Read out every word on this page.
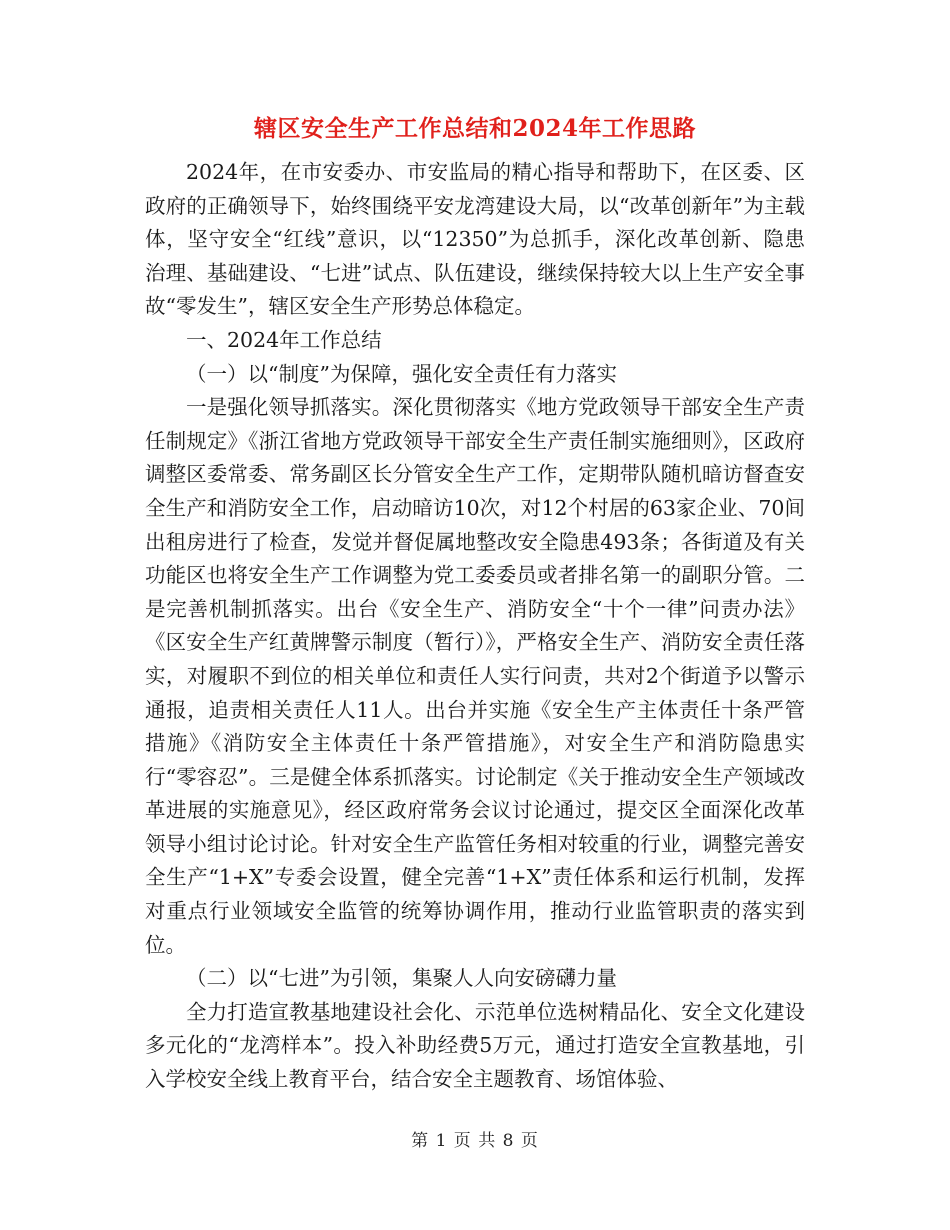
辖区安全生产工作总结和2024年工作思路

2024年，在市安委办、市安监局的精心指导和帮助下，在区委、区政府的正确领导下，始终围绕平安龙湾建设大局，以“改革创新年”为主载体，坚守安全“红线”意识，以“12350”为总抓手，深化改革创新、隐患治理、基础建设、“七进”试点、队伍建设，继续保持较大以上生产安全事故“零发生”，辖区安全生产形势总体稳定。

一、2024年工作总结

（一）以“制度”为保障，强化安全责任有力落实

一是强化领导抓落实。深化贯彻落实《地方党政领导干部安全生产责任制规定》《浙江省地方党政领导干部安全生产责任制实施细则》，区政府调整区委常委、常务副区长分管安全生产工作，定期带队随机暗访督查安全生产和消防安全工作，启动暗访10次，对12个村居的63家企业、70间出租房进行了检查，发觉并督促属地整改安全隐患493条；各街道及有关功能区也将安全生产工作调整为党工委委员或者排名第一的副职分管。二是完善机制抓落实。出台《安全生产、消防安全“十个一律”问责办法》《区安全生产红黄牌警示制度（暂行）》，严格安全生产、消防安全责任落实，对履职不到位的相关单位和责任人实行问责，共对2个街道予以警示通报，追责相关责任人11人。出台并实施《安全生产主体责任十条严管措施》《消防安全主体责任十条严管措施》，对安全生产和消防隐患实行“零容忍”。三是健全体系抓落实。讨论制定《关于推动安全生产领域改革进展的实施意见》，经区政府常务会议讨论通过，提交区全面深化改革领导小组讨论讨论。针对安全生产监管任务相对较重的行业，调整完善安全生产“1+X”专委会设置，健全完善“1+X”责任体系和运行机制，发挥对重点行业领域安全监管的统筹协调作用，推动行业监管职责的落实到位。

（二）以“七进”为引领，集聚人人向安磅礴力量

全力打造宣教基地建设社会化、示范单位选树精品化、安全文化建设多元化的“龙湾样本”。投入补助经费5万元，通过打造安全宣教基地，引入学校安全线上教育平台，结合安全主题教育、场馆体验、

第 1 页 共 8 页
